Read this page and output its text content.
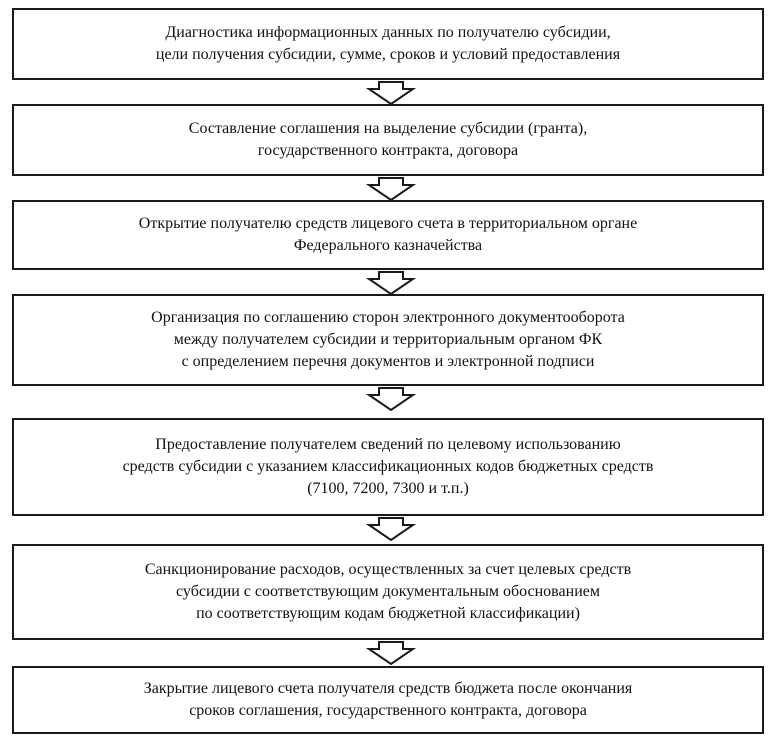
Диагностика информационных данных по получателю субсидии,
цели получения субсидии, сумме, сроков и условий предоставления
Составление соглашения на выделение субсидии (гранта),
государственного контракта, договора
Открытие получателю средств лицевого счета в территориальном органе
Федерального казначейства
Организация по соглашению сторон электронного документооборота
между получателем субсидии и территориальным органом ФК
с определением перечня документов и электронной подписи
Предоставление получателем сведений по целевому использованию
средств субсидии с указанием классификационных кодов бюджетных средств
(7100, 7200, 7300 и т.п.)
Санкционирование расходов, осуществленных за счет целевых средств
субсидии с соответствующим документальным обоснованием
по соответствующим кодам бюджетной классификации)
Закрытие лицевого счета получателя средств бюджета после окончания
сроков соглашения, государственного контракта, договора
